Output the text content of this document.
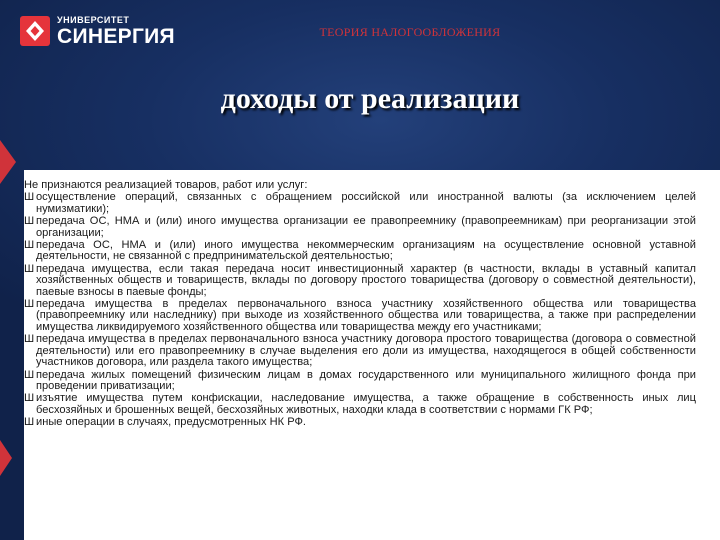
УНИВЕРСИТЕТ
СИНЕРГИЯ	ТЕОРИЯ НАЛОГООБЛОЖЕНИЯ
доходы от реализации

Не признаются реализацией товаров, работ или услуг:

Ш осуществление операций, связанных с обращением российской или иностранной валюты (за исключением целей нумизматики);

Ш передача ОС, НМА и (или) иного имущества организации ее правопреемнику (правопреемникам) при реорганизации этой организации;

Ш передача ОС, НМА и (или) иного имущества некоммерческим организациям на осуществление основной уставной деятельности, не связанной с предпринимательской деятельностью;

Ш передача имущества, если такая передача носит инвестиционный характер (в частности, вклады в уставный капитал хозяйственных обществ и товариществ, вклады по договору простого товарищества (договору о совместной деятельности), паевые взносы в паевые фонды;

Ш передача имущества в пределах первоначального взноса участнику хозяйственного общества или товарищества (правопреемнику или наследнику) при выходе из хозяйственного общества или товарищества, а также при распределении имущества ликвидируемого хозяйственного общества или товарищества между его участниками;

Ш передача имущества в пределах первоначального взноса участнику договора простого товарищества (договора о совместной деятельности) или его правопреемнику в случае выделения его доли из имущества, находящегося в общей собственности участников договора, или раздела такого имущества;

Ш передача жилых помещений физическим лицам в домах государственного или муниципального жилищного фонда при проведении приватизации;

Ш изъятие имущества путем конфискации, наследование имущества, а также обращение в собственность иных лиц бесхозяйных и брошенных вещей, бесхозяйных животных, находки клада в соответствии с нормами ГК РФ;

Ш иные операции в случаях, предусмотренных НК РФ.
